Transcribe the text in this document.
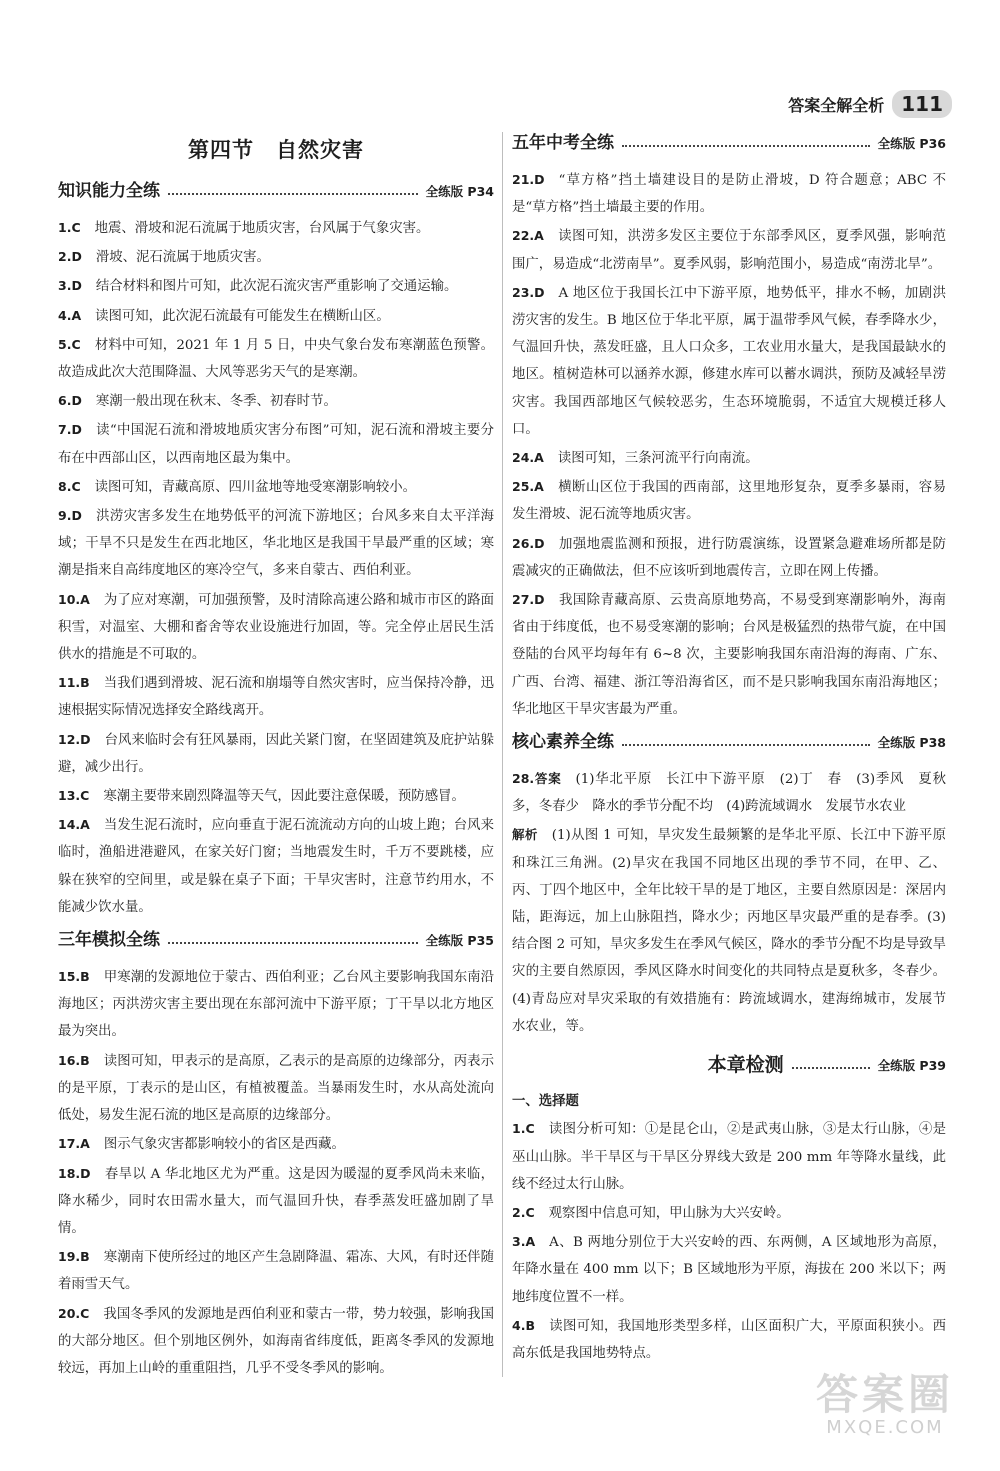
答案全解全析 111
第四节　自然灾害
知识能力全练	全练版 P34

1.C 地震、滑坡和泥石流属于地质灾害，台风属于气象灾害。

2.D 滑坡、泥石流属于地质灾害。

3.D 结合材料和图片可知，此次泥石流灾害严重影响了交通运输。

4.A 读图可知，此次泥石流最有可能发生在横断山区。

5.C 材料中可知，2021 年 1 月 5 日，中央气象台发布寒潮蓝色预警。故造成此次大范围降温、大风等恶劣天气的是寒潮。

6.D 寒潮一般出现在秋末、冬季、初春时节。

7.D 读“中国泥石流和滑坡地质灾害分布图”可知，泥石流和滑坡主要分布在中西部山区，以西南地区最为集中。

8.C 读图可知，青藏高原、四川盆地等地受寒潮影响较小。

9.D 洪涝灾害多发生在地势低平的河流下游地区；台风多来自太平洋海域；干旱不只是发生在西北地区，华北地区是我国干旱最严重的区域；寒潮是指来自高纬度地区的寒冷空气，多来自蒙古、西伯利亚。

10.A 为了应对寒潮，可加强预警，及时清除高速公路和城市市区的路面积雪，对温室、大棚和畜舍等农业设施进行加固，等。完全停止居民生活供水的措施是不可取的。

11.B 当我们遇到滑坡、泥石流和崩塌等自然灾害时，应当保持冷静，迅速根据实际情况选择安全路线离开。

12.D 台风来临时会有狂风暴雨，因此关紧门窗，在坚固建筑及庇护站躲避，减少出行。

13.C 寒潮主要带来剧烈降温等天气，因此要注意保暖，预防感冒。

14.A 当发生泥石流时，应向垂直于泥石流流动方向的山坡上跑；台风来临时，渔船进港避风，在家关好门窗；当地震发生时，千万不要跳楼，应躲在狭窄的空间里，或是躲在桌子下面；干旱灾害时，注意节约用水，不能减少饮水量。

三年模拟全练	全练版 P35

15.B 甲寒潮的发源地位于蒙古、西伯利亚；乙台风主要影响我国东南沿海地区；丙洪涝灾害主要出现在东部河流中下游平原；丁干旱以北方地区最为突出。

16.B 读图可知，甲表示的是高原，乙表示的是高原的边缘部分，丙表示的是平原，丁表示的是山区，有植被覆盖。当暴雨发生时，水从高处流向低处，易发生泥石流的地区是高原的边缘部分。

17.A 图示气象灾害都影响较小的省区是西藏。

18.D 春旱以 A 华北地区尤为严重。这是因为暖湿的夏季风尚未来临，降水稀少，同时农田需水量大，而气温回升快，春季蒸发旺盛加剧了旱情。

19.B 寒潮南下使所经过的地区产生急剧降温、霜冻、大风，有时还伴随着雨雪天气。

20.C 我国冬季风的发源地是西伯利亚和蒙古一带，势力较强，影响我国的大部分地区。但个别地区例外，如海南省纬度低，距离冬季风的发源地较远，再加上山岭的重重阻挡，几乎不受冬季风的影响。

五年中考全练	全练版 P36

21.D “草方格”挡土墙建设目的是防止滑坡，D 符合题意；ABC 不是“草方格”挡土墙最主要的作用。

22.A 读图可知，洪涝多发区主要位于东部季风区，夏季风强，影响范围广，易造成“北涝南旱”。夏季风弱，影响范围小，易造成“南涝北旱”。

23.D A 地区位于我国长江中下游平原，地势低平，排水不畅，加剧洪涝灾害的发生。B 地区位于华北平原，属于温带季风气候，春季降水少，气温回升快，蒸发旺盛，且人口众多，工农业用水量大，是我国最缺水的地区。植树造林可以涵养水源，修建水库可以蓄水调洪，预防及减轻旱涝灾害。我国西部地区气候较恶劣，生态环境脆弱，不适宜大规模迁移人口。

24.A 读图可知，三条河流平行向南流。

25.A 横断山区位于我国的西南部，这里地形复杂，夏季多暴雨，容易发生滑坡、泥石流等地质灾害。

26.D 加强地震监测和预报，进行防震演练，设置紧急避难场所都是防震减灾的正确做法，但不应该听到地震传言，立即在网上传播。

27.D 我国除青藏高原、云贵高原地势高，不易受到寒潮影响外，海南省由于纬度低，也不易受寒潮的影响；台风是极猛烈的热带气旋，在中国登陆的台风平均每年有 6~8 次，主要影响我国东南沿海的海南、广东、广西、台湾、福建、浙江等沿海省区，而不是只影响我国东南沿海地区；华北地区干旱灾害最为严重。

核心素养全练	全练版 P38

28.答案 (1)华北平原　长江中下游平原　(2)丁　春　(3)季风　夏秋多，冬春少　降水的季节分配不均　(4)跨流域调水　发展节水农业

解析 (1)从图 1 可知，旱灾发生最频繁的是华北平原、长江中下游平原和珠江三角洲。(2)旱灾在我国不同地区出现的季节不同，在甲、乙、丙、丁四个地区中，全年比较干旱的是丁地区，主要自然原因是：深居内陆，距海远，加上山脉阻挡，降水少；丙地区旱灾最严重的是春季。(3)结合图 2 可知，旱灾多发生在季风气候区，降水的季节分配不均是导致旱灾的主要自然原因，季风区降水时间变化的共同特点是夏秋多，冬春少。(4)青岛应对旱灾采取的有效措施有：跨流域调水，建海绵城市，发展节水农业，等。

本章检测	全练版 P39
一、选择题

1.C 读图分析可知：①是昆仑山，②是武夷山脉，③是太行山脉，④是巫山山脉。半干旱区与干旱区分界线大致是 200 mm 年等降水量线，此线不经过太行山脉。

2.C 观察图中信息可知，甲山脉为大兴安岭。

3.A A、B 两地分别位于大兴安岭的西、东两侧，A 区域地形为高原，年降水量在 400 mm 以下；B 区域地形为平原，海拔在 200 米以下；两地纬度位置不一样。

4.B 读图可知，我国地形类型多样，山区面积广大，平原面积狭小。西高东低是我国地势特点。

答案圈
MXQE.COM
